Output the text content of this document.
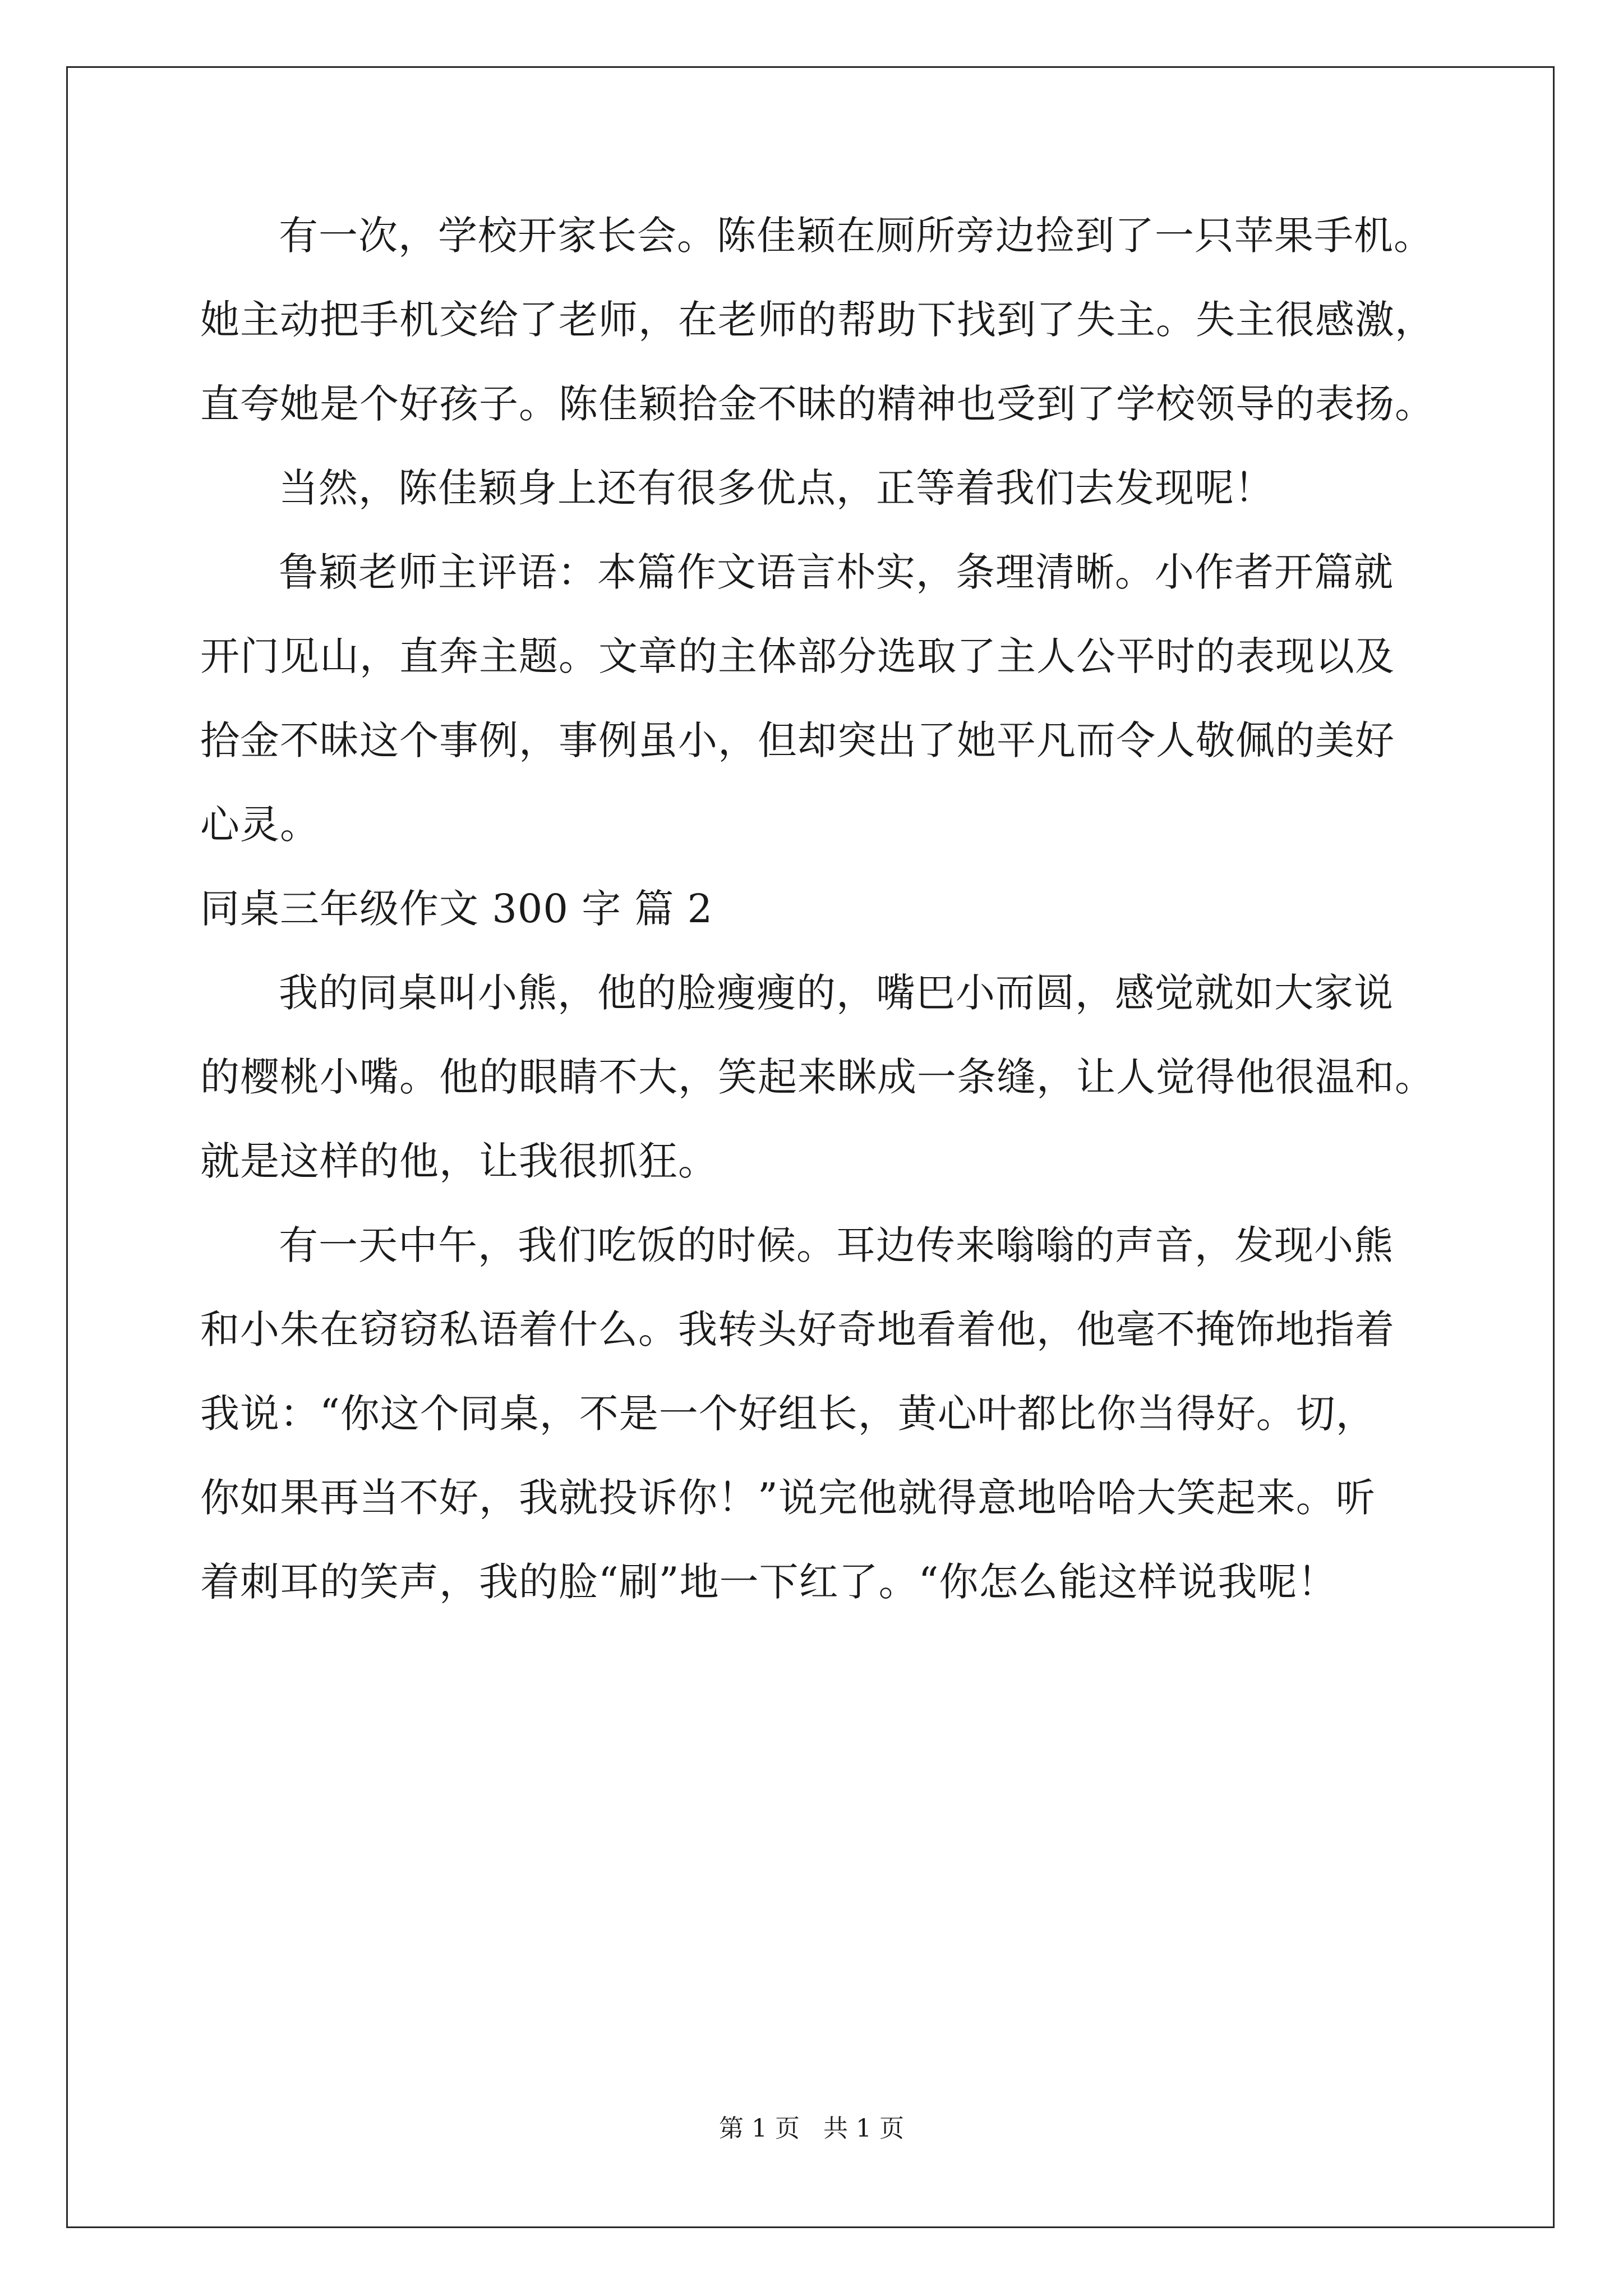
有一次，学校开家长会。陈佳颖在厕所旁边捡到了一只苹果手机。
她主动把手机交给了老师，在老师的帮助下找到了失主。失主很感激，
直夸她是个好孩子。陈佳颖拾金不昧的精神也受到了学校领导的表扬。
当然，陈佳颖身上还有很多优点，正等着我们去发现呢！
鲁颖老师主评语：本篇作文语言朴实，条理清晰。小作者开篇就
开门见山，直奔主题。文章的主体部分选取了主人公平时的表现以及
拾金不昧这个事例，事例虽小，但却突出了她平凡而令人敬佩的美好
心灵。
同桌三年级作文 300 字 篇 2
我的同桌叫小熊，他的脸瘦瘦的，嘴巴小而圆，感觉就如大家说
的樱桃小嘴。他的眼睛不大，笑起来眯成一条缝，让人觉得他很温和。
就是这样的他，让我很抓狂。
有一天中午，我们吃饭的时候。耳边传来嗡嗡的声音，发现小熊
和小朱在窃窃私语着什么。我转头好奇地看着他，他毫不掩饰地指着
我说：“你这个同桌，不是一个好组长，黄心叶都比你当得好。切，
你如果再当不好，我就投诉你！”说完他就得意地哈哈大笑起来。听
着刺耳的笑声，我的脸“刷”地一下红了。“你怎么能这样说我呢！
第 1 页   共 1 页
